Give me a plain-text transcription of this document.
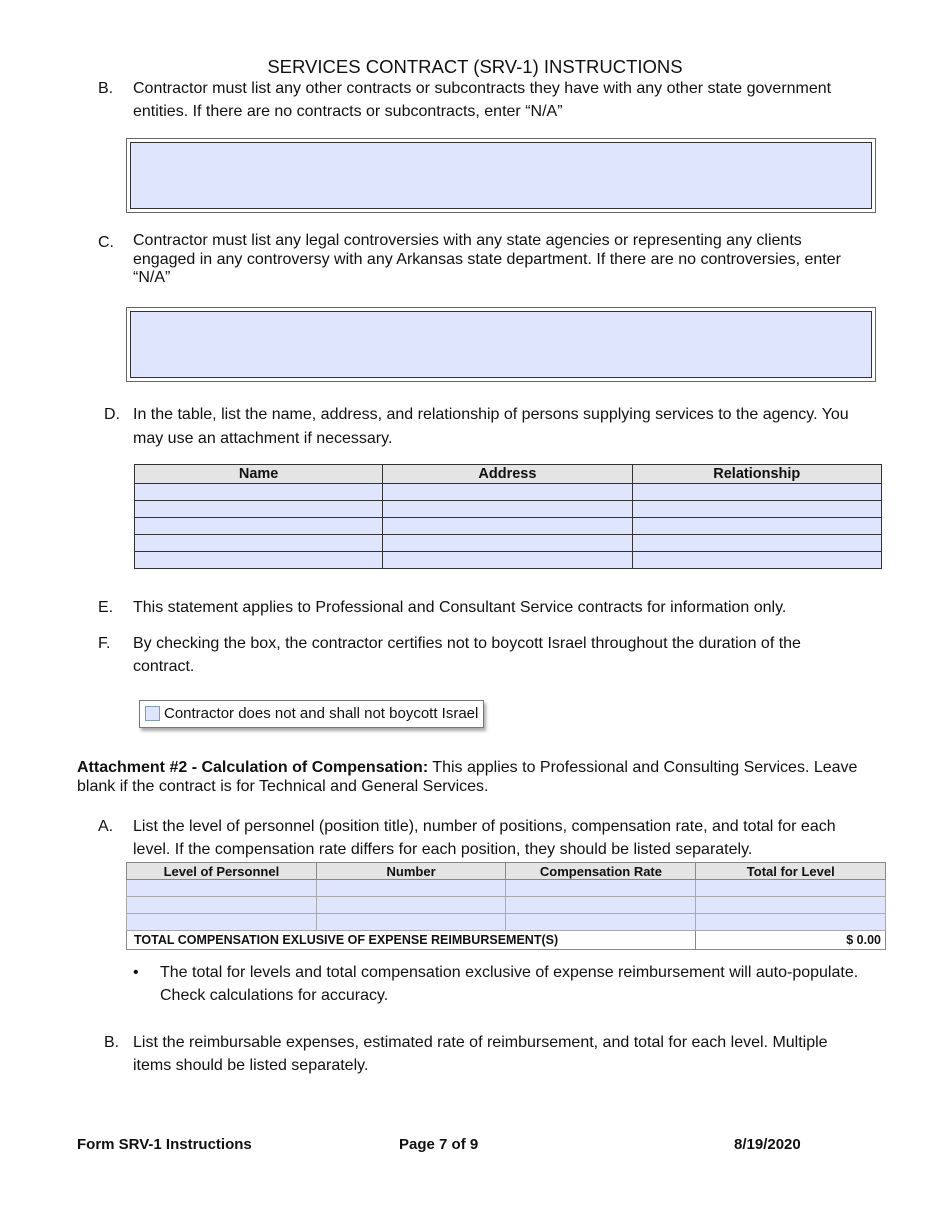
SERVICES CONTRACT (SRV-1) INSTRUCTIONS
B. Contractor must list any other contracts or subcontracts they have with any other state government
entities. If there are no contracts or subcontracts, enter “N/A”
C. Contractor must list any legal controversies with any state agencies or representing any clients
engaged in any controversy with any Arkansas state department. If there are no controversies, enter
“N/A”
D. In the table, list the name, address, and relationship of persons supplying services to the agency. You
may use an attachment if necessary.
Name	Address	Relationship

E. This statement applies to Professional and Consultant Service contracts for information only.
F. By checking the box, the contractor certifies not to boycott Israel throughout the duration of the
contract.
Contractor does not and shall not boycott Israel
Attachment #2 - Calculation of Compensation: This applies to Professional and Consulting Services. Leave
blank if the contract is for Technical and General Services.
A. List the level of personnel (position title), number of positions, compensation rate, and total for each
level. If the compensation rate differs for each position, they should be listed separately.
Level of Personnel	Number	Compensation Rate	Total for Level

TOTAL COMPENSATION EXLUSIVE OF EXPENSE REIMBURSEMENT(S)			$ 0.00
• The total for levels and total compensation exclusive of expense reimbursement will auto-populate.
Check calculations for accuracy.
B. List the reimbursable expenses, estimated rate of reimbursement, and total for each level. Multiple
items should be listed separately.
Form SRV-1 Instructions	Page 7 of 9	8/19/2020
